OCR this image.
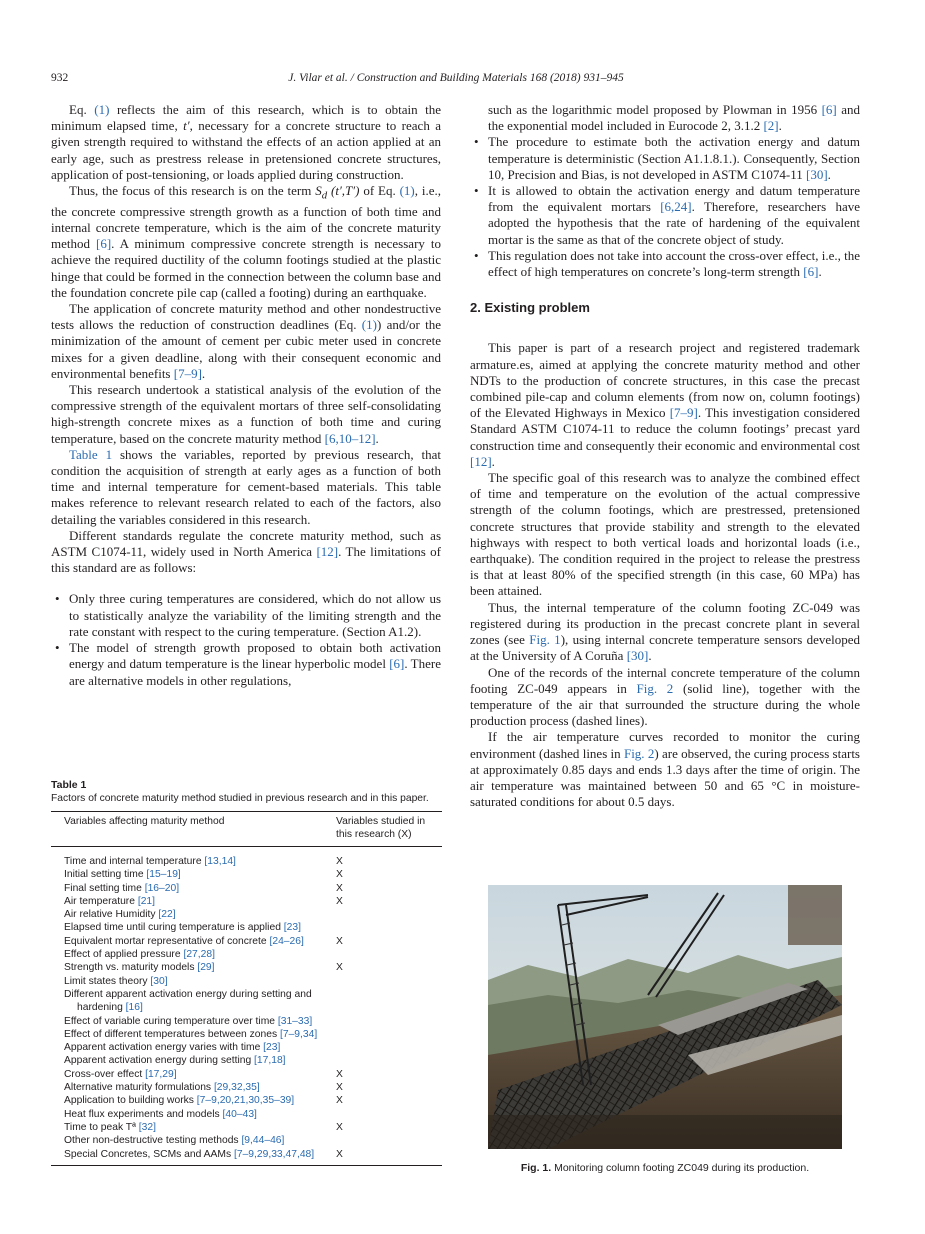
932	J. Vilar et al. / Construction and Building Materials 168 (2018) 931–945

Eq. (1) reflects the aim of this research, which is to obtain the minimum elapsed time, t′, necessary for a concrete structure to reach a given strength required to withstand the effects of an action applied at an early age, such as prestress release in pretensioned concrete structures, application of post-tensioning, or loads applied during construction.

Thus, the focus of this research is on the term $S_d$ (t′,T′) of Eq. (1), i.e., the concrete compressive strength growth as a function of both time and internal concrete temperature, which is the aim of the concrete maturity method [6]. A minimum compressive concrete strength is necessary to achieve the required ductility of the column footings studied at the plastic hinge that could be formed in the connection between the column base and the foundation concrete pile cap (called a footing) during an earthquake.

The application of concrete maturity method and other nondestructive tests allows the reduction of construction deadlines (Eq. (1)) and/or the minimization of the amount of cement per cubic meter used in concrete mixes for a given deadline, along with their consequent economic and environmental benefits [7–9].

This research undertook a statistical analysis of the evolution of the compressive strength of the equivalent mortars of three self-consolidating high-strength concrete mixes as a function of both time and curing temperature, based on the concrete maturity method [6,10–12].

Table 1 shows the variables, reported by previous research, that condition the acquisition of strength at early ages as a function of both time and internal temperature for cement-based materials. This table makes reference to relevant research related to each of the factors, also detailing the variables considered in this research.

Different standards regulate the concrete maturity method, such as ASTM C1074-11, widely used in North America [12]. The limitations of this standard are as follows:

• Only three curing temperatures are considered, which do not allow us to statistically analyze the variability of the limiting strength and the rate constant with respect to the curing temperature. (Section A1.2).
• The model of strength growth proposed to obtain both activation energy and datum temperature is the linear hyperbolic model [6]. There are alternative models in other regulations,
Table 1
Factors of concrete maturity method studied in previous research and in this paper.
Variables affecting maturity method	Variables studied in this research (X)

Time and internal temperature [13,14]	X

Initial setting time [15–19]	X

Final setting time [16–20]	X

Air temperature [21]	X

Air relative Humidity [22]	

Elapsed time until curing temperature is applied [23]	

Equivalent mortar representative of concrete [24–26]	X

Effect of applied pressure [27,28]	

Strength vs. maturity models [29]	X

Limit states theory [30]	

Different apparent activation energy during setting and hardening [16]	

Effect of variable curing temperature over time [31–33]	

Effect of different temperatures between zones [7–9,34]	

Apparent activation energy varies with time [23]	

Apparent activation energy during setting [17,18]	

Cross-over effect [17,29]	X

Alternative maturity formulations [29,32,35]	X

Application to building works [7–9,20,21,30,35–39]	X

Heat flux experiments and models [40–43]	

Time to peak Tª [32]	X

Other non-destructive testing methods [9,44–46]	

Special Concretes, SCMs and AAMs [7–9,29,33,47,48]	X

such as the logarithmic model proposed by Plowman in 1956 [6] and the exponential model included in Eurocode 2, 3.1.2 [2].

• The procedure to estimate both the activation energy and datum temperature is deterministic (Section A1.1.8.1.). Consequently, Section 10, Precision and Bias, is not developed in ASTM C1074-11 [30].
• It is allowed to obtain the activation energy and datum temperature from the equivalent mortars [6,24]. Therefore, researchers have adopted the hypothesis that the rate of hardening of the equivalent mortar is the same as that of the concrete object of study.
• This regulation does not take into account the cross-over effect, i.e., the effect of high temperatures on concrete’s long-term strength [6].
2. Existing problem

This paper is part of a research project and registered trademark armature.es, aimed at applying the concrete maturity method and other NDTs to the production of concrete structures, in this case the precast combined pile-cap and column elements (from now on, column footings) of the Elevated Highways in Mexico [7–9]. This investigation considered Standard ASTM C1074-11 to reduce the column footings’ precast yard construction time and consequently their economic and environmental cost [12].

The specific goal of this research was to analyze the combined effect of time and temperature on the evolution of the actual compressive strength of the column footings, which are prestressed, pretensioned concrete structures that provide stability and strength to the elevated highways with respect to both vertical loads and horizontal loads (i.e., earthquake). The condition required in the project to release the prestress is that at least 80% of the specified strength (in this case, 60 MPa) has been attained.

Thus, the internal temperature of the column footing ZC-049 was registered during its production in the precast concrete plant in several zones (see Fig. 1), using internal concrete temperature sensors developed at the University of A Coruña [30].

One of the records of the internal concrete temperature of the column footing ZC-049 appears in Fig. 2 (solid line), together with the temperature of the air that surrounded the structure during the whole production process (dashed lines).

If the air temperature curves recorded to monitor the curing environment (dashed lines in Fig. 2) are observed, the curing process starts at approximately 0.85 days and ends 1.3 days after the time of origin. The air temperature was maintained between 50 and 65 °C in moisture-saturated conditions for about 0.5 days.

Fig. 1. Monitoring column footing ZC049 during its production.
